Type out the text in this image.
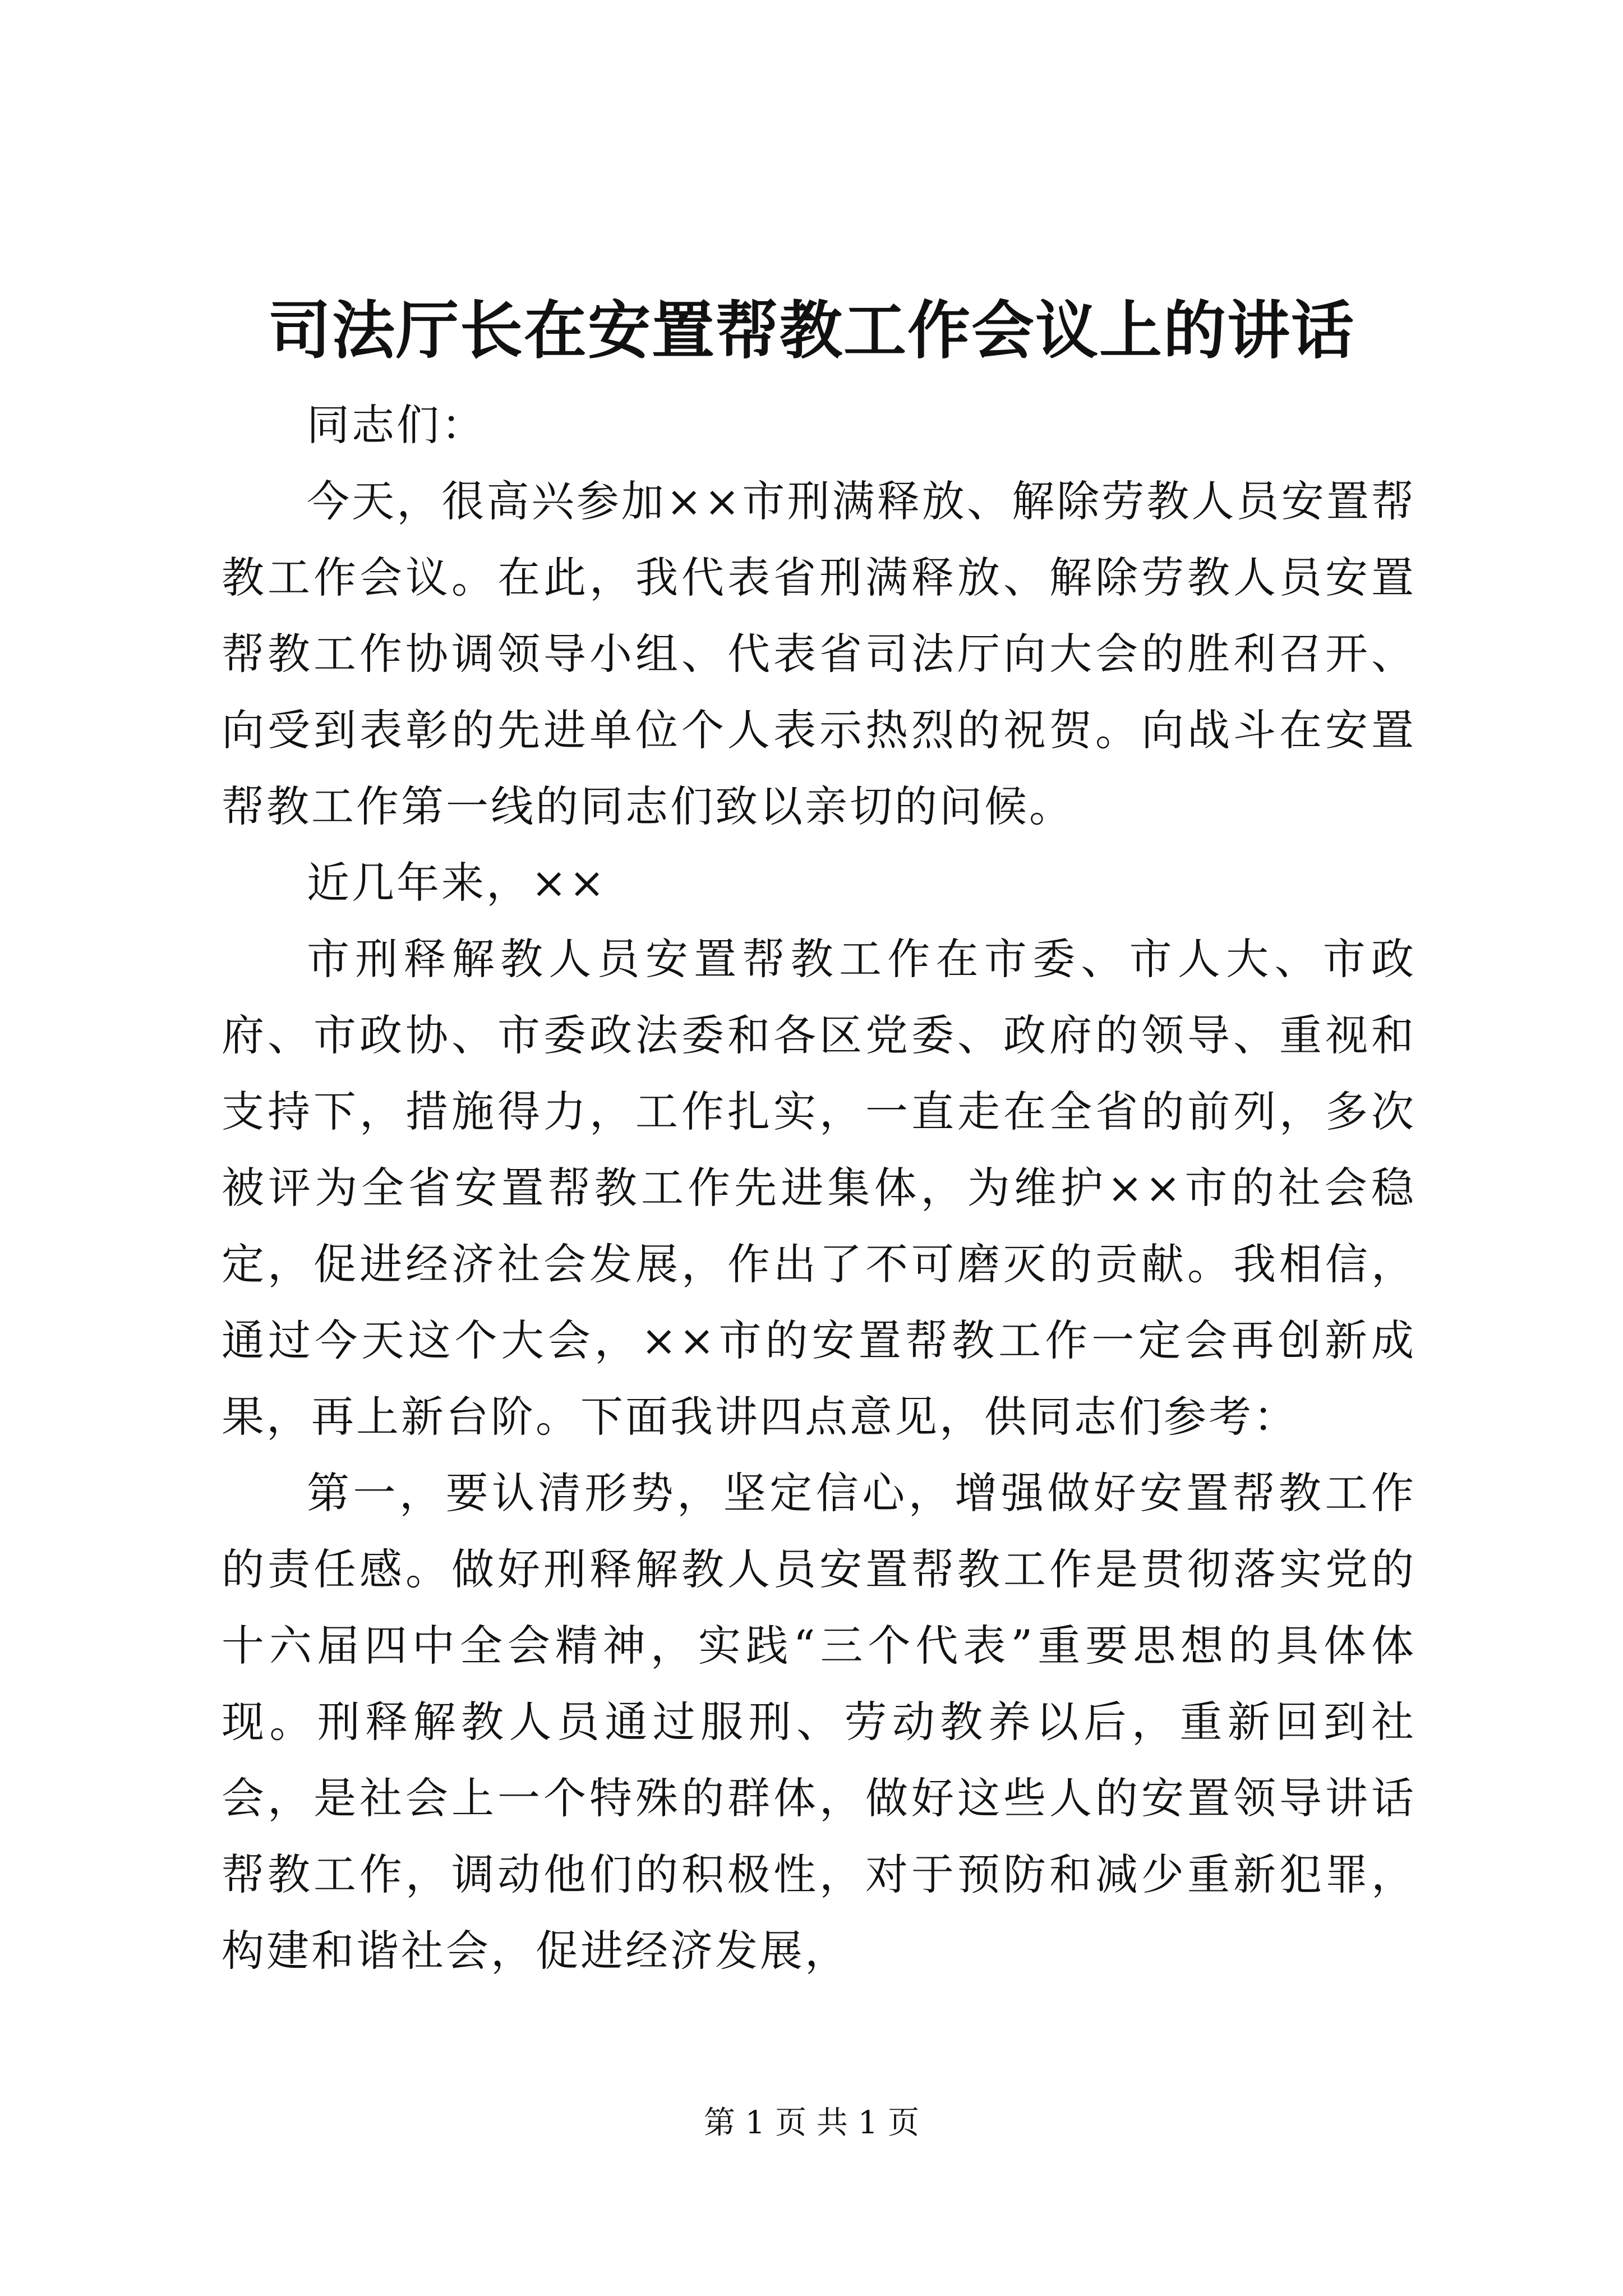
司法厅长在安置帮教工作会议上的讲话

同志们：

今天，很高兴参加××市刑满释放、解除劳教人员安置帮教工作会议。在此，我代表省刑满释放、解除劳教人员安置帮教工作协调领导小组、代表省司法厅向大会的胜利召开、向受到表彰的先进单位个人表示热烈的祝贺。向战斗在安置帮教工作第一线的同志们致以亲切的问候。

近几年来，××

市刑释解教人员安置帮教工作在市委、市人大、市政府、市政协、市委政法委和各区党委、政府的领导、重视和支持下，措施得力，工作扎实，一直走在全省的前列，多次被评为全省安置帮教工作先进集体，为维护××市的社会稳定，促进经济社会发展，作出了不可磨灭的贡献。我相信，通过今天这个大会，××市的安置帮教工作一定会再创新成果，再上新台阶。下面我讲四点意见，供同志们参考：

第一，要认清形势，坚定信心，增强做好安置帮教工作的责任感。做好刑释解教人员安置帮教工作是贯彻落实党的十六届四中全会精神，实践“三个代表”重要思想的具体体现。刑释解教人员通过服刑、劳动教养以后，重新回到社会，是社会上一个特殊的群体，做好这些人的安置领导讲话帮教工作，调动他们的积极性，对于预防和减少重新犯罪，构建和谐社会，促进经济发展，

第 1 页 共 1 页
